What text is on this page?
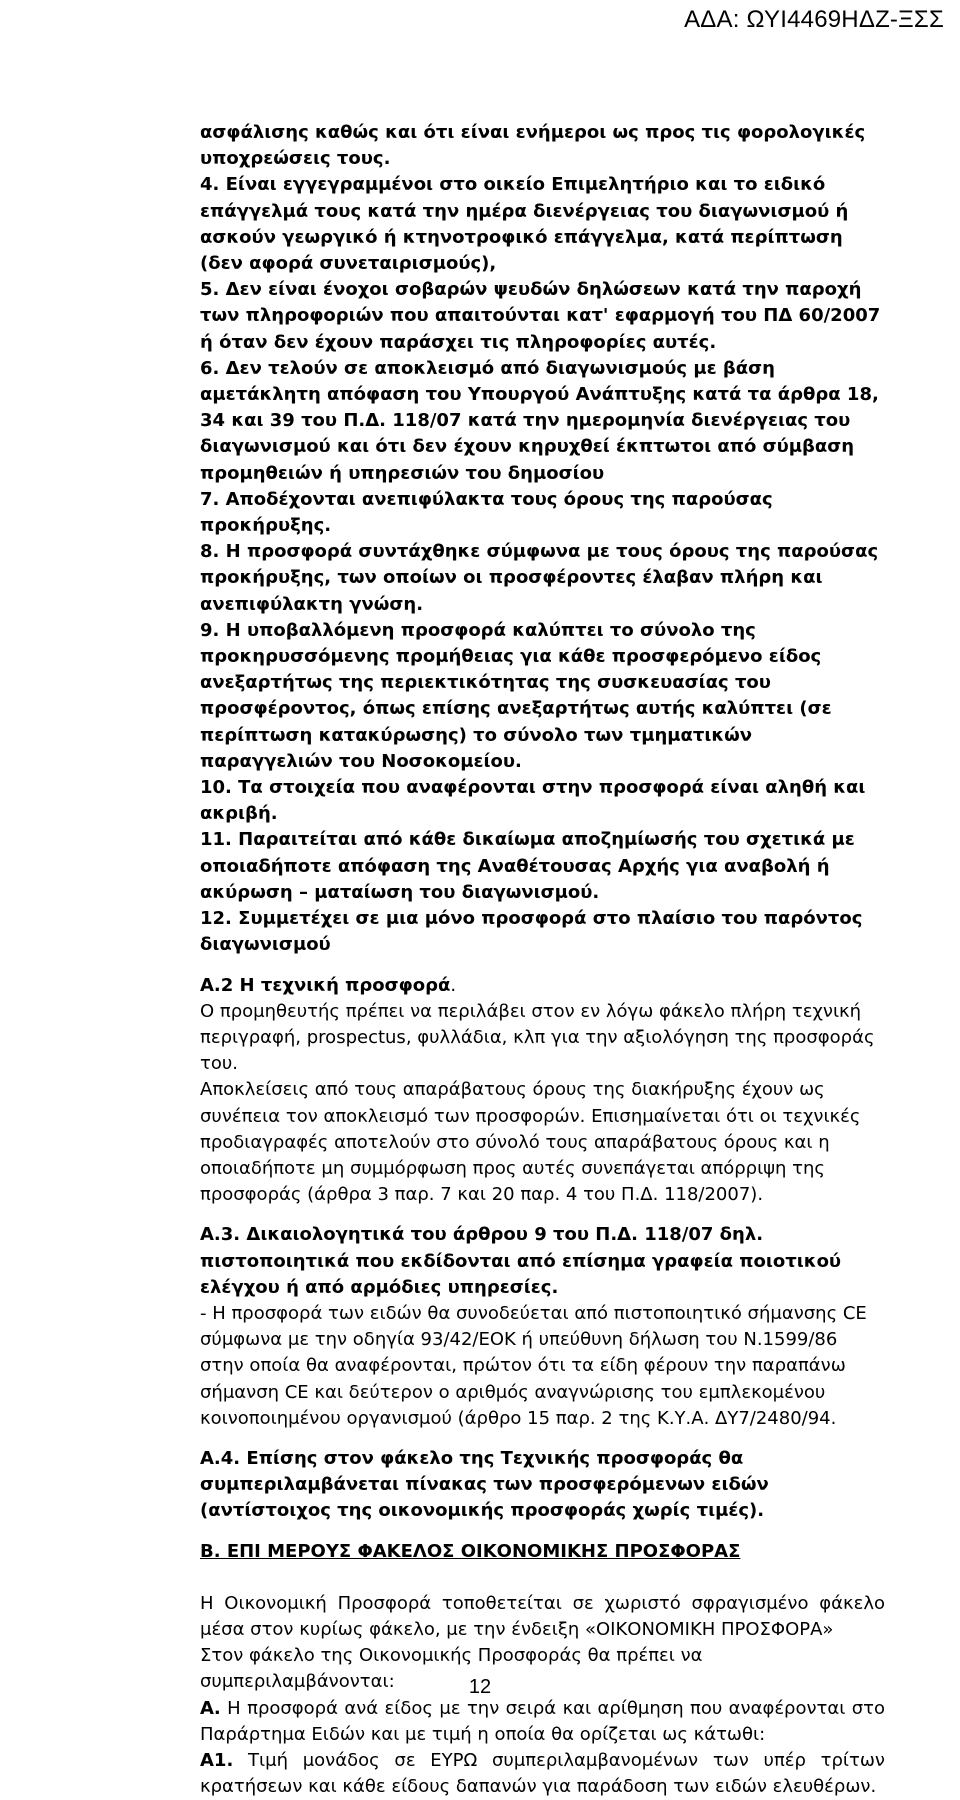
ΑΔΑ: ΩΥΙ4469ΗΔΖ-ΞΣΣ

ασφάλισης καθώς και ότι είναι ενήμεροι ως προς τις φορολογικές υποχρεώσεις τους.

4. Είναι εγγεγραμμένοι στο οικείο Επιμελητήριο και το ειδικό επάγγελμά τους κατά την ημέρα διενέργειας του διαγωνισμού ή ασκούν γεωργικό ή κτηνοτροφικό επάγγελμα, κατά περίπτωση (δεν αφορά συνεταιρισμούς),

5. Δεν είναι ένοχοι σοβαρών ψευδών δηλώσεων κατά την παροχή των πληροφοριών που απαιτούνται κατ' εφαρμογή του ΠΔ 60/2007 ή όταν δεν έχουν παράσχει τις πληροφορίες αυτές.

6. Δεν τελούν σε αποκλεισμό από διαγωνισμούς με βάση αμετάκλητη απόφαση του Υπουργού Ανάπτυξης κατά τα άρθρα 18, 34 και 39 του Π.Δ. 118/07 κατά την ημερομηνία διενέργειας του διαγωνισμού και ότι δεν έχουν κηρυχθεί έκπτωτοι από σύμβαση προμηθειών ή υπηρεσιών του δημοσίου

7. Αποδέχονται ανεπιφύλακτα τους όρους της παρούσας προκήρυξης.

8. Η προσφορά συντάχθηκε σύμφωνα με τους όρους της παρούσας προκήρυξης, των οποίων οι προσφέροντες έλαβαν πλήρη και ανεπιφύλακτη γνώση.

9. Η υποβαλλόμενη προσφορά καλύπτει το σύνολο της προκηρυσσόμενης προμήθειας για κάθε προσφερόμενο είδος ανεξαρτήτως της περιεκτικότητας της συσκευασίας του προσφέροντος, όπως επίσης ανεξαρτήτως αυτής καλύπτει (σε περίπτωση κατακύρωσης) το σύνολο των τμηματικών παραγγελιών του Νοσοκομείου.

10. Τα στοιχεία που αναφέρονται στην προσφορά είναι αληθή και ακριβή.

11. Παραιτείται από κάθε δικαίωμα αποζημίωσής του σχετικά με οποιαδήποτε απόφαση της Αναθέτουσας Αρχής για αναβολή ή ακύρωση – ματαίωση του διαγωνισμού.

12. Συμμετέχει σε μια μόνο προσφορά στο πλαίσιο του παρόντος διαγωνισμού

Α.2 Η τεχνική προσφορά.

Ο προμηθευτής πρέπει να περιλάβει στον εν λόγω φάκελο πλήρη τεχνική περιγραφή, prospectus, φυλλάδια, κλπ για την αξιολόγηση της προσφοράς του.

Αποκλείσεις από τους απαράβατους όρους της διακήρυξης έχουν ως συνέπεια τον αποκλεισμό των προσφορών. Επισημαίνεται ότι οι τεχνικές προδιαγραφές αποτελούν στο σύνολό τους απαράβατους όρους και η οποιαδήποτε μη συμμόρφωση προς αυτές συνεπάγεται απόρριψη της προσφοράς (άρθρα 3 παρ. 7 και 20 παρ. 4 του Π.Δ. 118/2007).

Α.3. Δικαιολογητικά του άρθρου 9 του Π.Δ. 118/07 δηλ. πιστοποιητικά που εκδίδονται από επίσημα γραφεία ποιοτικού ελέγχου ή από αρμόδιες υπηρεσίες.

- Η προσφορά των ειδών θα συνοδεύεται από πιστοποιητικό σήμανσης CE σύμφωνα με την οδηγία 93/42/ΕΟΚ ή υπεύθυνη δήλωση του Ν.1599/86 στην οποία θα αναφέρονται, πρώτον ότι τα είδη φέρουν την παραπάνω σήμανση CE και δεύτερον ο αριθμός αναγνώρισης του εμπλεκομένου κοινοποιημένου οργανισμού (άρθρο 15 παρ. 2 της Κ.Υ.Α. ΔΥ7/2480/94.

Α.4. Επίσης στον φάκελο της Τεχνικής προσφοράς θα συμπεριλαμβάνεται πίνακας των προσφερόμενων ειδών (αντίστοιχος της οικονομικής προσφοράς χωρίς τιμές).

Β. ΕΠΙ ΜΕΡΟΥΣ ΦΑΚΕΛΟΣ ΟΙΚΟΝΟΜΙΚΗΣ ΠΡΟΣΦΟΡΑΣ

Η Οικονομική Προσφορά τοποθετείται σε χωριστό σφραγισμένο φάκελο μέσα στον κυρίως φάκελο, με την ένδειξη «ΟΙΚΟΝΟΜΙΚΗ ΠΡΟΣΦΟΡΑ»

Στον φάκελο της Οικονομικής Προσφοράς θα πρέπει να συμπεριλαμβάνονται:

Α. Η προσφορά ανά είδος με την σειρά και αρίθμηση που αναφέρονται στο Παράρτημα Ειδών και με τιμή η οποία θα ορίζεται ως κάτωθι:

Α1. Τιμή μονάδος σε ΕΥΡΩ συμπεριλαμβανομένων των υπέρ τρίτων κρατήσεων και κάθε είδους δαπανών για παράδοση των ειδών ελευθέρων.

12
